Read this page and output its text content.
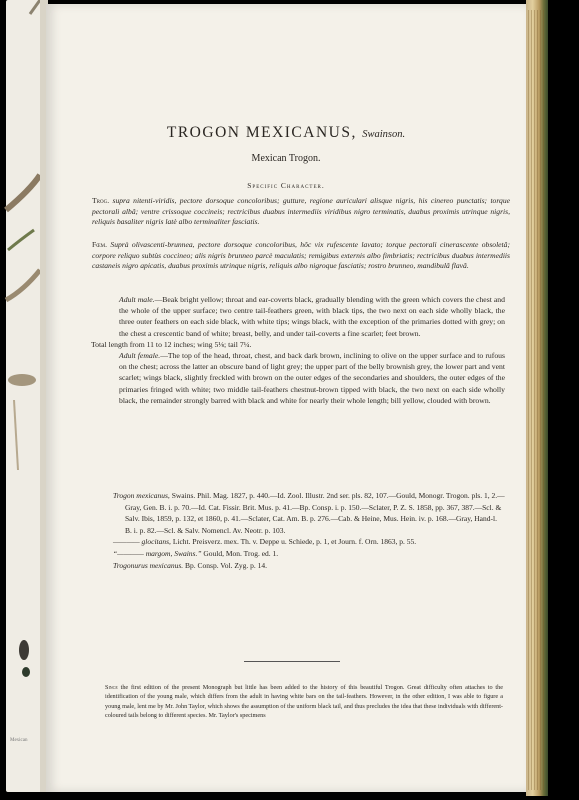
Mexican
TROGON MEXICANUS, Swainson.
Mexican Trogon.
Specific Character.
Trog. supra nitenti-viridis, pectore dorsoque concoloribus; gutture, regione auriculari alisque nigris, his cinereo punctatis; torque pectorali albâ; ventre crissoque coccineis; rectricibus duabus intermediis viridibus nigro terminatis, duabus proximis utrinque nigris, reliquis basaliter nigris latè albo terminaliter fasciatis.
Fœm. Suprà olivascenti-brunnea, pectore dorsoque concoloribus, hôc vix rufescente lavato; torque pectorali cinerascente obsoletâ; corpore reliquo subtùs coccineo; alis nigris brunneo parcè maculatis; remigibus externis albo fimbriatis; rectricibus duabus intermediis castaneis nigro apicatis, duabus proximis utrinque nigris, reliquis albo nigroque fasciatis; rostro brunneo, mandibulâ flavâ.

Adult male.—Beak bright yellow; throat and ear-coverts black, gradually blending with the green which covers the chest and the whole of the upper surface; two centre tail-feathers green, with black tips, the two next on each side wholly black, the three outer feathers on each side black, with white tips; wings black, with the exception of the primaries dotted with grey; on the chest a crescentic band of white; breast, belly, and under tail-coverts a fine scarlet; feet brown.

Total length from 11 to 12 inches; wing 5⅛; tail 7¼.

Adult female.—The top of the head, throat, chest, and back dark brown, inclining to olive on the upper surface and to rufous on the chest; across the latter an obscure band of light grey; the upper part of the belly brownish grey, the lower part and vent scarlet; wings black, slightly freckled with brown on the outer edges of the secondaries and shoulders, the outer edges of the primaries fringed with white; two middle tail-feathers chestnut-brown tipped with black, the two next on each side wholly black, the remainder strongly barred with black and white for nearly their whole length; bill yellow, clouded with brown.

Trogon mexicanus, Swains. Phil. Mag. 1827, p. 440.—Id. Zool. Illustr. 2nd ser. pls. 82, 107.—Gould, Monogr. Trogon. pls. 1, 2.—Gray, Gen. B. i. p. 70.—Id. Cat. Fissir. Brit. Mus. p. 41.—Bp. Consp. i. p. 150.—Sclater, P. Z. S. 1858, pp. 367, 387.—Scl. & Salv. Ibis, 1859, p. 132, et 1860, p. 41.—Sclater, Cat. Am. B. p. 276.—Cab. & Heine, Mus. Hein. iv. p. 168.—Gray, Hand-l. B. i. p. 82.—Scl. & Salv. Nomencl. Av. Neotr. p. 103.

———— glocitans, Licht. Preisverz. mex. Th. v. Deppe u. Schiede, p. 1, et Journ. f. Orn. 1863, p. 55.

“———— margom, Swains.” Gould, Mon. Trog. ed. 1.

Trogonurus mexicanus. Bp. Consp. Vol. Zyg. p. 14.

Since the first edition of the present Monograph but little has been added to the history of this beautiful Trogon. Great difficulty often attaches to the identification of the young male, which differs from the adult in having white bars on the tail-feathers. However, in the other edition, I was able to figure a young male, lent me by Mr. John Taylor, which shows the assumption of the uniform black tail, and thus precludes the idea that these individuals with different-coloured tails belong to different species. Mr. Taylor's specimens
